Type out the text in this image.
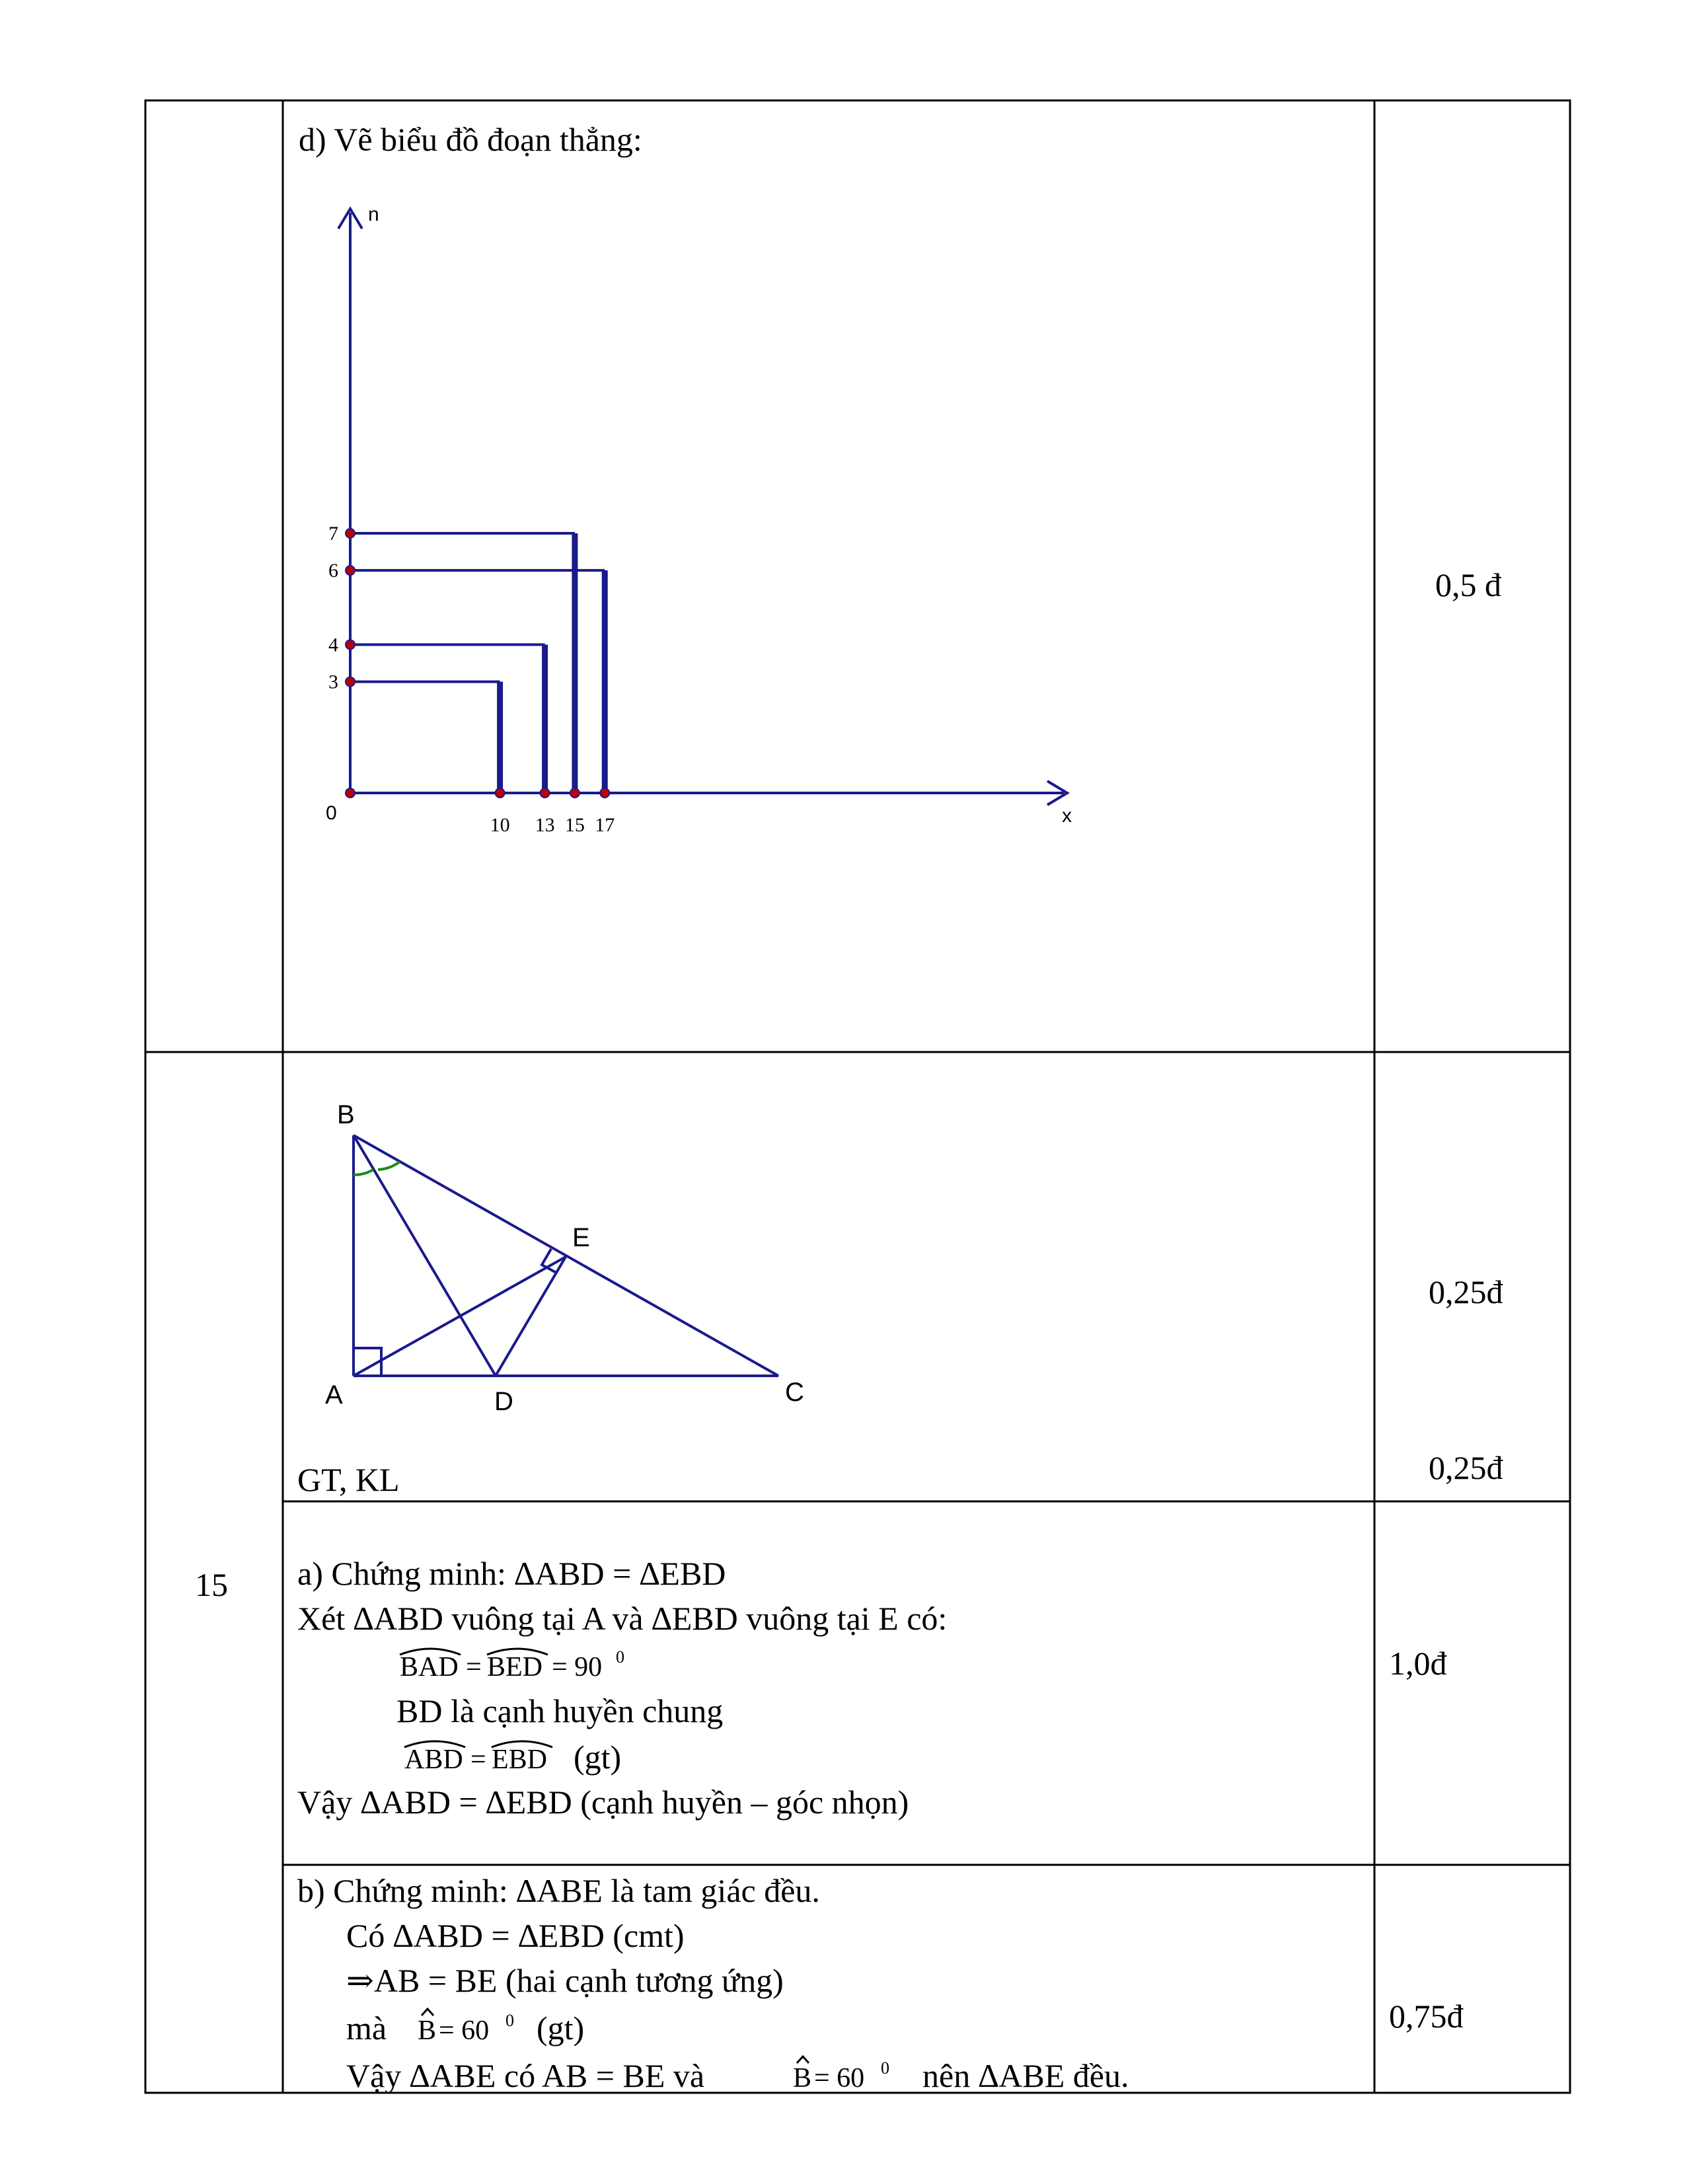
d) Vẽ biểu đồ đoạn thẳng:
0,5 đ
n
x
0
10 13 15 17
3
4
6
7
15
B
E
A	D	C
GT, KL
0,25đ
0,25đ
a) Chứng minh: ∆ABD = ∆EBD
Xét ∆ABD vuông tại A và ∆EBD vuông tại E có:
BAD = BED = 90 0
BD là cạnh huyền chung
ABD = EBD (gt)
Vậy ∆ABD = ∆EBD (cạnh huyền – góc nhọn)
1,0đ
b) Chứng minh: ∆ABE là tam giác đều.
Có ∆ABD = ∆EBD (cmt)
⇒AB = BE (hai cạnh tương ứng)
mà B = 60 0 (gt)
Vậy ∆ABE có AB = BE và	B = 60 0 nên ∆ABE đều.
0,75đ
